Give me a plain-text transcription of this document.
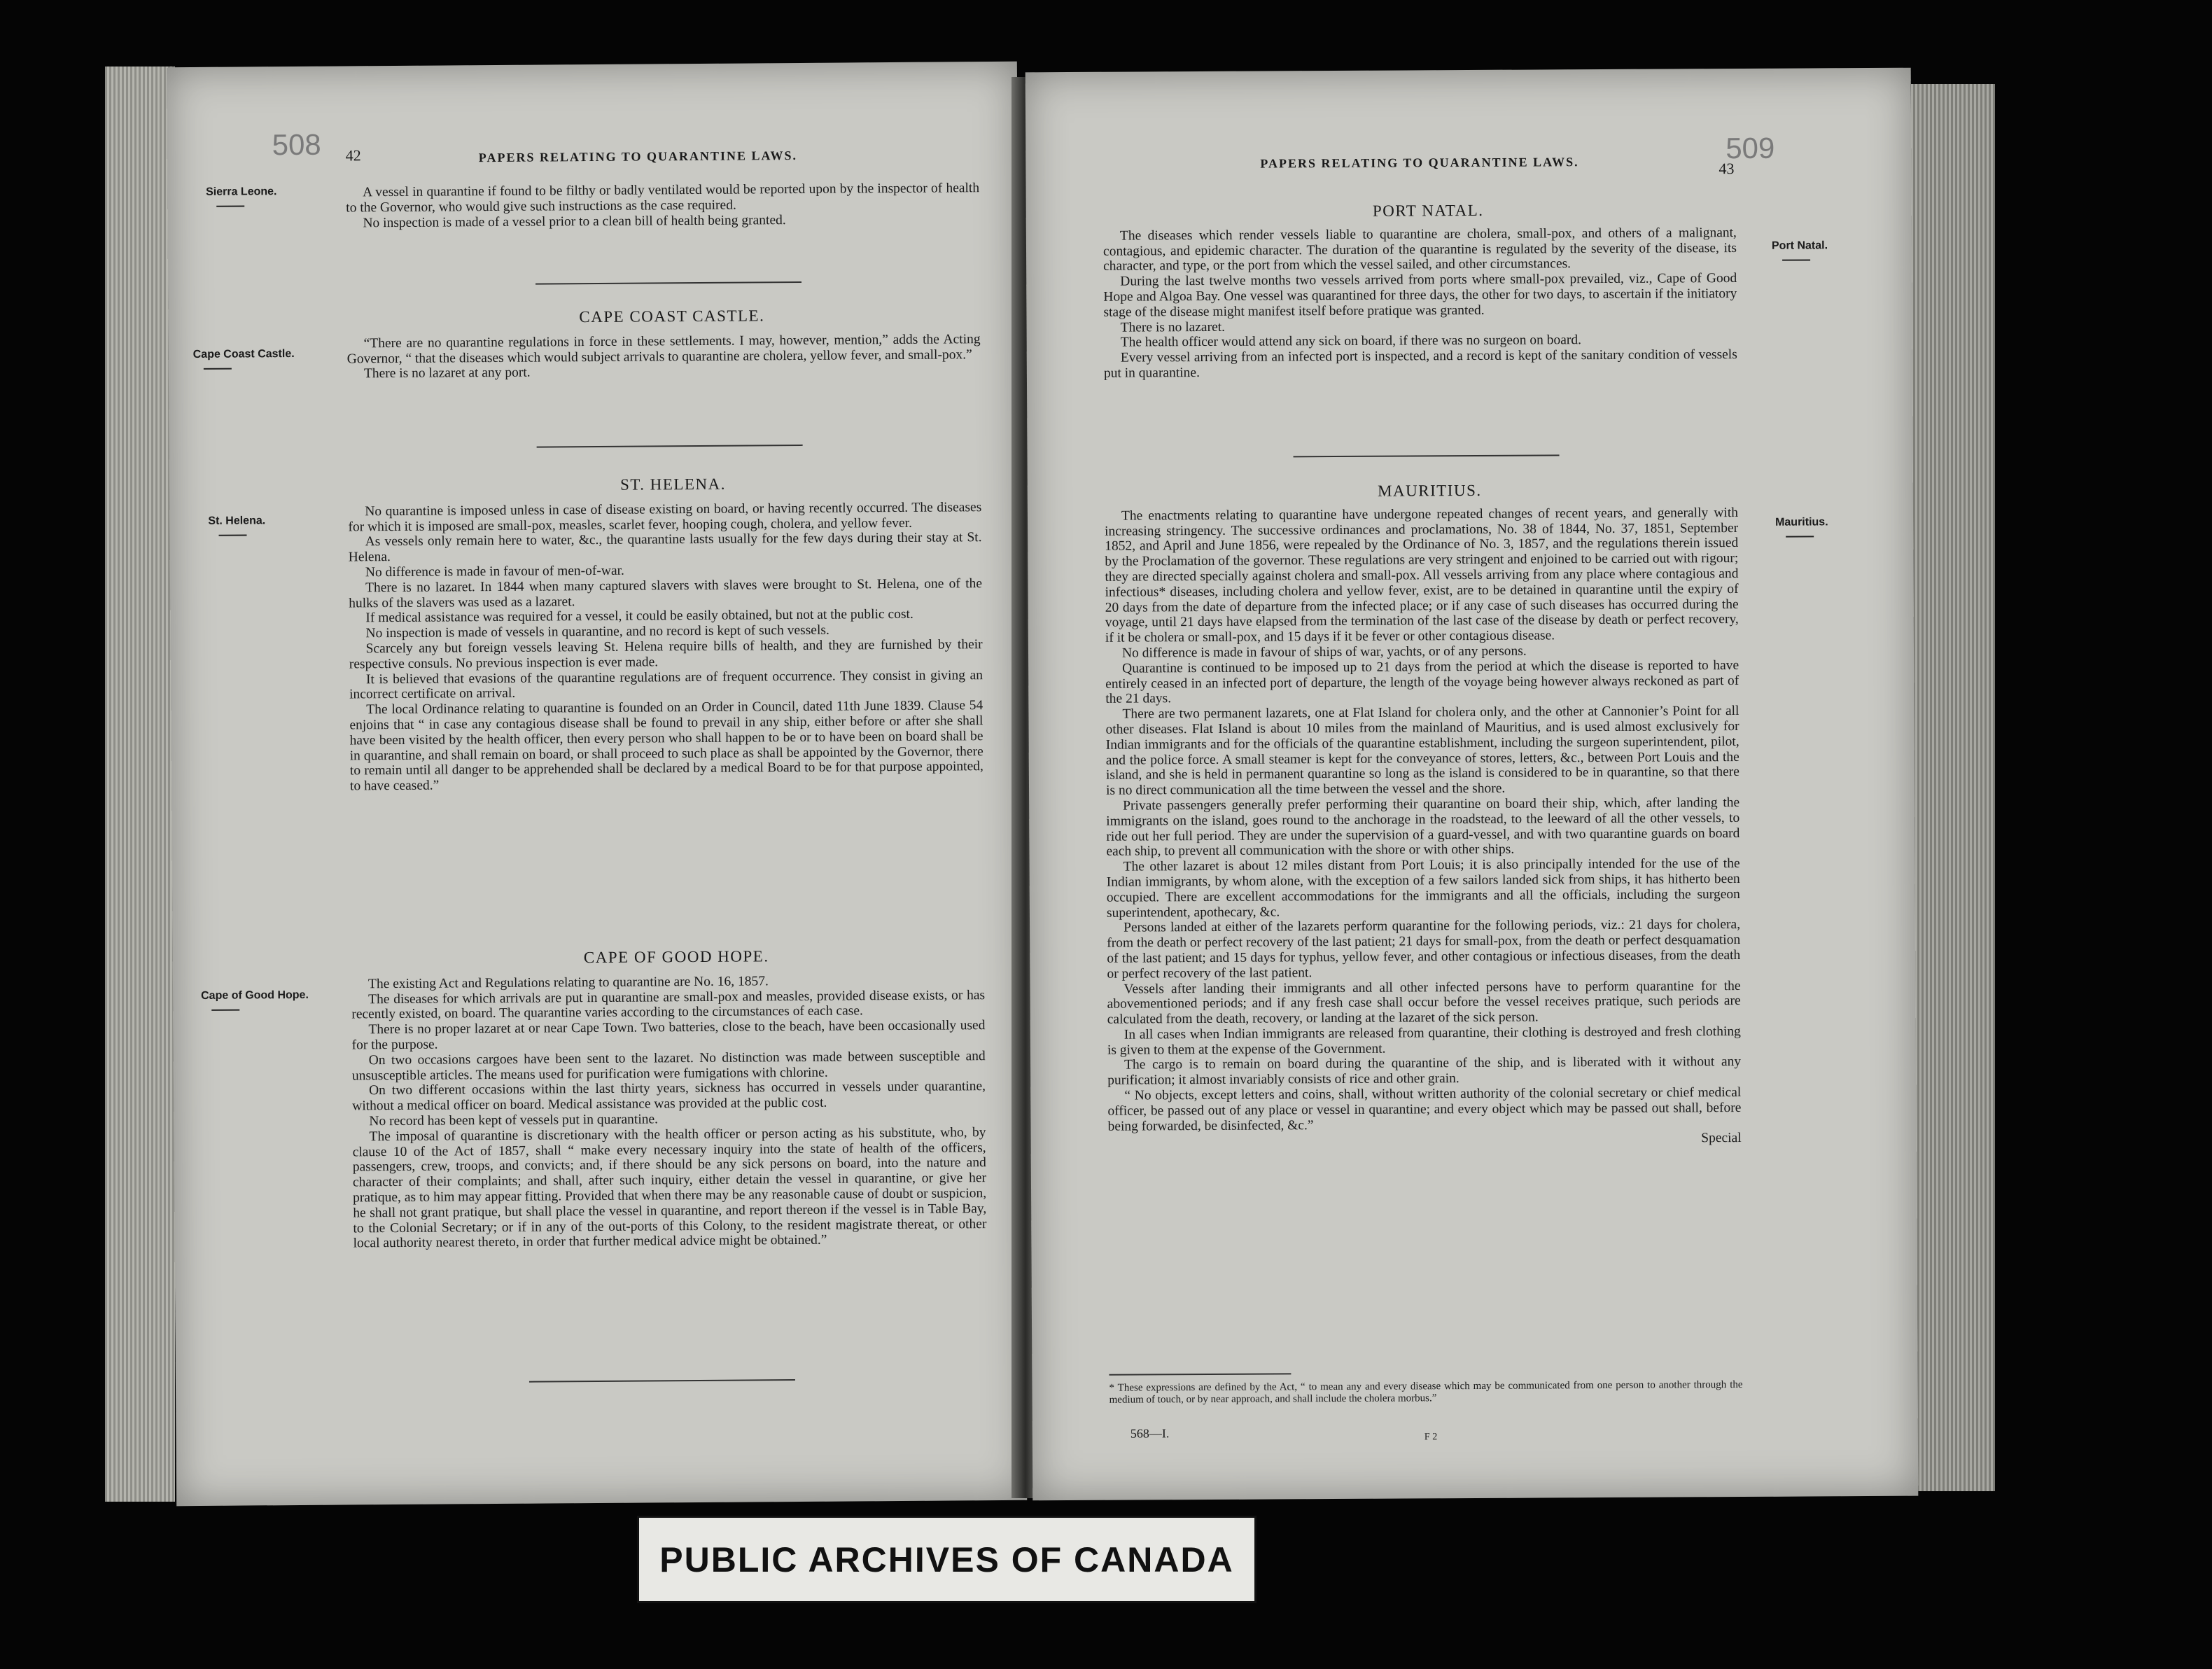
508 42	PAPERS RELATING TO QUARANTINE LAWS.
Sierra Leone.	A vessel in quarantine if found to be filthy or badly ventilated would be reported upon by the inspector of health to the Governor, who would give such instructions as the case required.

No inspection is made of a vessel prior to a clean bill of health being granted.

CAPE COAST CASTLE.

“There are no quarantine regulations in force in these settlements. I may, however, mention,” adds the Acting Governor, “ that the diseases which would subject arrivals to quarantine are cholera, yellow fever, and small-pox.”

There is no lazaret at any port.

Cape Coast Castle.

ST. HELENA.

No quarantine is imposed unless in case of disease existing on board, or having recently occurred. The diseases for which it is imposed are small-pox, measles, scarlet fever, hooping cough, cholera, and yellow fever.

As vessels only remain here to water, &c., the quarantine lasts usually for the few days during their stay at St. Helena.

No difference is made in favour of men-of-war.

There is no lazaret. In 1844 when many captured slavers with slaves were brought to St. Helena, one of the hulks of the slavers was used as a lazaret.

If medical assistance was required for a vessel, it could be easily obtained, but not at the public cost.

No inspection is made of vessels in quarantine, and no record is kept of such vessels.

Scarcely any but foreign vessels leaving St. Helena require bills of health, and they are furnished by their respective consuls. No previous inspection is ever made.

It is believed that evasions of the quarantine regulations are of frequent occurrence. They consist in giving an incorrect certificate on arrival.

The local Ordinance relating to quarantine is founded on an Order in Council, dated 11th June 1839. Clause 54 enjoins that “ in case any contagious disease shall be found to prevail in any ship, either before or after she shall have been visited by the health officer, then every person who shall happen to be or to have been on board shall be in quarantine, and shall remain on board, or shall proceed to such place as shall be appointed by the Governor, there to remain until all danger to be apprehended shall be declared by a medical Board to be for that purpose appointed, to have ceased.”

St. Helena.

CAPE OF GOOD HOPE.

The existing Act and Regulations relating to quarantine are No. 16, 1857.

The diseases for which arrivals are put in quarantine are small-pox and measles, provided disease exists, or has recently existed, on board. The quarantine varies according to the circumstances of each case.

There is no proper lazaret at or near Cape Town. Two batteries, close to the beach, have been occasionally used for the purpose.

On two occasions cargoes have been sent to the lazaret. No distinction was made between susceptible and unsusceptible articles. The means used for purification were fumigations with chlorine.

On two different occasions within the last thirty years, sickness has occurred in vessels under quarantine, without a medical officer on board. Medical assistance was provided at the public cost.

No record has been kept of vessels put in quarantine.

The imposal of quarantine is discretionary with the health officer or person acting as his substitute, who, by clause 10 of the Act of 1857, shall “ make every necessary inquiry into the state of health of the officers, passengers, crew, troops, and convicts; and, if there should be any sick persons on board, into the nature and character of their complaints; and shall, after such inquiry, either detain the vessel in quarantine, or give her pratique, as to him may appear fitting. Provided that when there may be any reasonable cause of doubt or suspicion, he shall not grant pratique, but shall place the vessel in quarantine, and report thereon if the vessel is in Table Bay, to the Colonial Secretary; or if in any of the out-ports of this Colony, to the resident magistrate thereat, or other local authority nearest thereto, in order that further medical advice might be obtained.”

Cape of Good Hope.
PAPERS RELATING TO QUARANTINE LAWS.	509
43

PORT NATAL.

The diseases which render vessels liable to quarantine are cholera, small-pox, and others of a malignant, contagious, and epidemic character. The duration of the quarantine is regulated by the severity of the disease, its character, and type, or the port from which the vessel sailed, and other circumstances.

During the last twelve months two vessels arrived from ports where small-pox prevailed, viz., Cape of Good Hope and Algoa Bay. One vessel was quarantined for three days, the other for two days, to ascertain if the initiatory stage of the disease might manifest itself before pratique was granted.

There is no lazaret.

The health officer would attend any sick on board, if there was no surgeon on board.

Every vessel arriving from an infected port is inspected, and a record is kept of the sanitary condition of vessels put in quarantine.

Port Natal.

MAURITIUS.

The enactments relating to quarantine have undergone repeated changes of recent years, and generally with increasing stringency. The successive ordinances and proclamations, No. 38 of 1844, No. 37, 1851, September 1852, and April and June 1856, were repealed by the Ordinance of No. 3, 1857, and the regulations therein issued by the Proclamation of the governor. These regulations are very stringent and enjoined to be carried out with rigour; they are directed specially against cholera and small-pox. All vessels arriving from any place where contagious and infectious* diseases, including cholera and yellow fever, exist, are to be detained in quarantine until the expiry of 20 days from the date of departure from the infected place; or if any case of such diseases has occurred during the voyage, until 21 days have elapsed from the termination of the last case of the disease by death or perfect recovery, if it be cholera or small-pox, and 15 days if it be fever or other contagious disease.

No difference is made in favour of ships of war, yachts, or of any persons.

Quarantine is continued to be imposed up to 21 days from the period at which the disease is reported to have entirely ceased in an infected port of departure, the length of the voyage being however always reckoned as part of the 21 days.

There are two permanent lazarets, one at Flat Island for cholera only, and the other at Cannonier’s Point for all other diseases. Flat Island is about 10 miles from the mainland of Mauritius, and is used almost exclusively for Indian immigrants and for the officials of the quarantine establishment, including the surgeon superintendent, pilot, and the police force. A small steamer is kept for the conveyance of stores, letters, &c., between Port Louis and the island, and she is held in permanent quarantine so long as the island is considered to be in quarantine, so that there is no direct communication all the time between the vessel and the shore.

Private passengers generally prefer performing their quarantine on board their ship, which, after landing the immigrants on the island, goes round to the anchorage in the roadstead, to the leeward of all the other vessels, to ride out her full period. They are under the supervision of a guard-vessel, and with two quarantine guards on board each ship, to prevent all communication with the shore or with other ships.

The other lazaret is about 12 miles distant from Port Louis; it is also principally intended for the use of the Indian immigrants, by whom alone, with the exception of a few sailors landed sick from ships, it has hitherto been occupied. There are excellent accommodations for the immigrants and all the officials, including the surgeon superintendent, apothecary, &c.

Persons landed at either of the lazarets perform quarantine for the following periods, viz.: 21 days for cholera, from the death or perfect recovery of the last patient; 21 days for small-pox, from the death or perfect desquamation of the last patient; and 15 days for typhus, yellow fever, and other contagious or infectious diseases, from the death or perfect recovery of the last patient.

Vessels after landing their immigrants and all other infected persons have to perform quarantine for the abovementioned periods; and if any fresh case shall occur before the vessel receives pratique, such periods are calculated from the death, recovery, or landing at the lazaret of the sick person.

In all cases when Indian immigrants are released from quarantine, their clothing is destroyed and fresh clothing is given to them at the expense of the Government.

The cargo is to remain on board during the quarantine of the ship, and is liberated with it without any purification; it almost invariably consists of rice and other grain.

“ No objects, except letters and coins, shall, without written authority of the colonial secretary or chief medical officer, be passed out of any place or vessel in quarantine; and every object which may be passed out shall, before being forwarded, be disinfected, &c.”

Special

Mauritius.
* These expressions are defined by the Act, “ to mean any and every disease which may be communicated from one person to another through the medium of touch, or by near approach, and shall include the cholera morbus.”
568—I.	F 2
PUBLIC ARCHIVES OF CANADA
